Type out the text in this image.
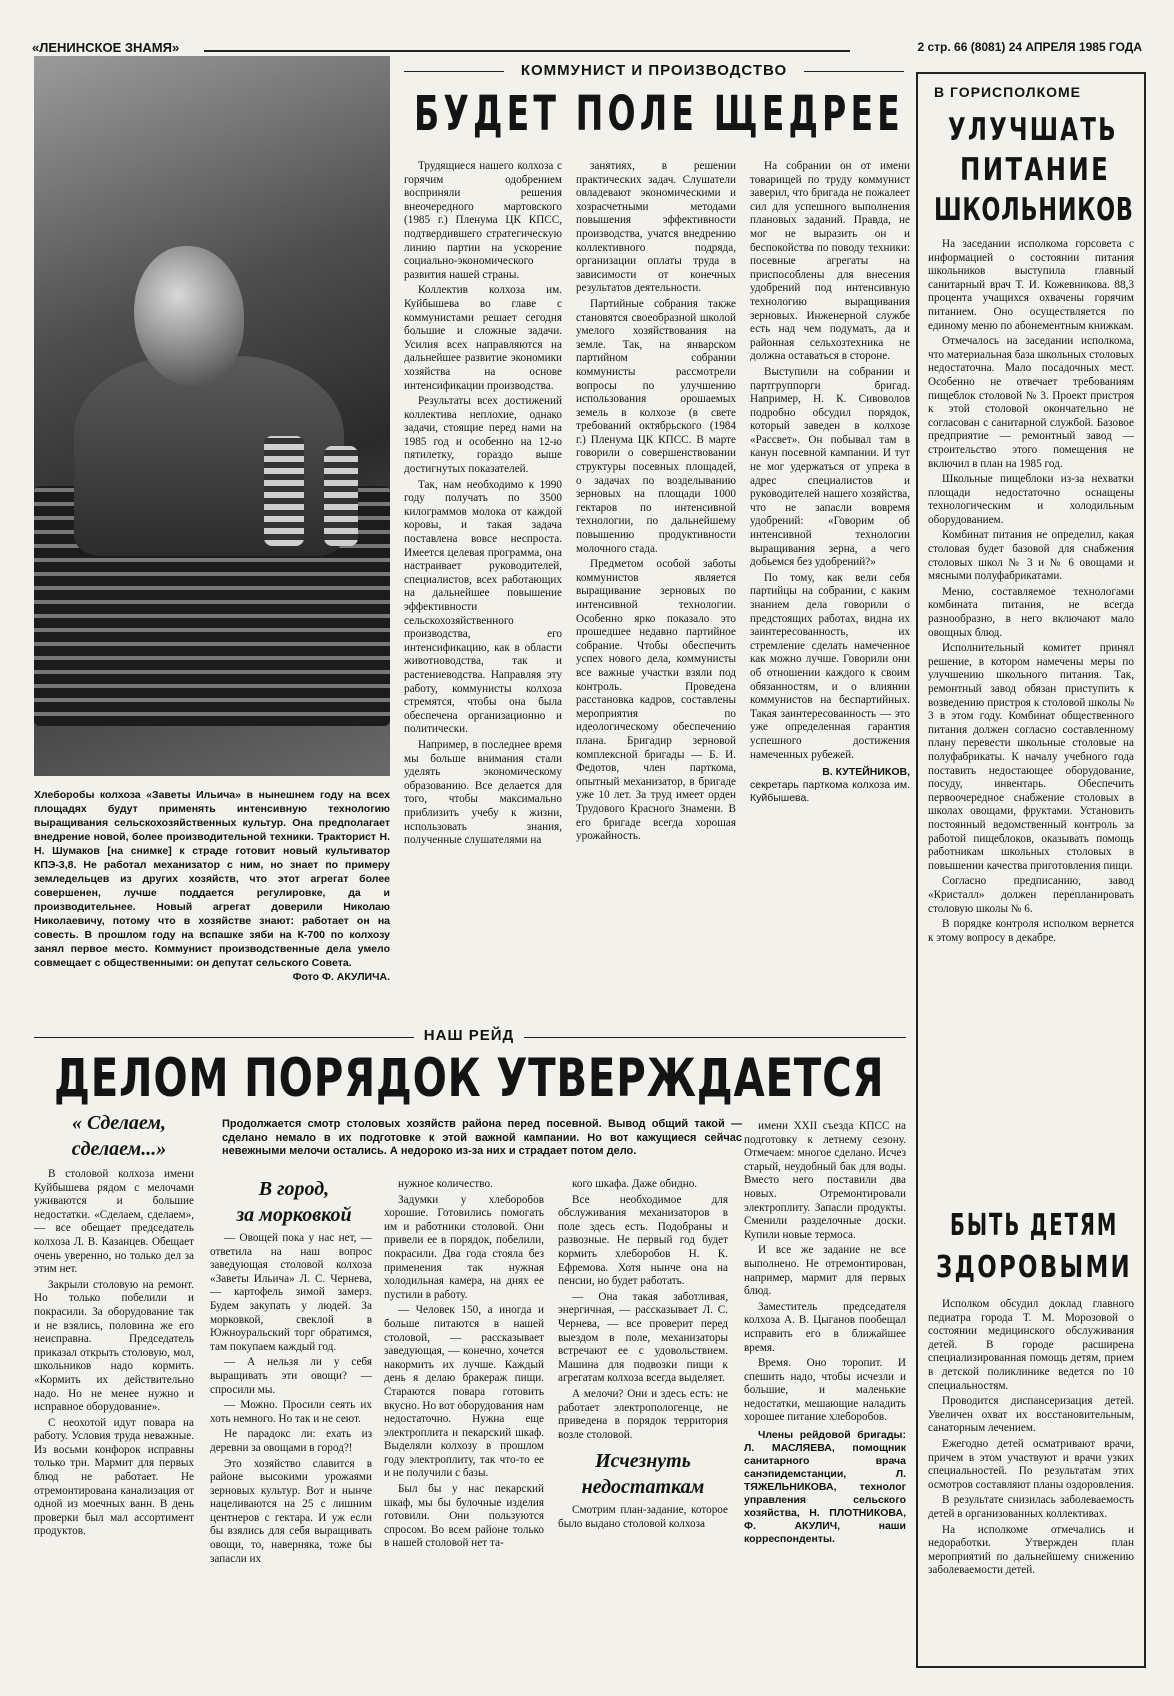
«ЛЕНИНСКОЕ ЗНАМЯ»	2 стр. 66 (8081) 24 АПРЕЛЯ 1985 ГОДА
Хлеборобы колхоза «Заветы Ильича» в нынешнем году на всех площадях будут применять интенсивную технологию выращивания сельскохозяйственных культур. Она предполагает внедрение новой, более производительной техники. Тракторист Н. Н. Шумаков [на снимке] к страде готовит новый культиватор КПЭ-3,8. Не работал механизатор с ним, но знает по примеру земледельцев из других хозяйств, что этот агрегат более совершенен, лучше поддается регулировке, да и производительнее. Новый агрегат доверили Николаю Николаевичу, потому что в хозяйстве знают: работает он на совесть. В прошлом году на вспашке зяби на К-700 по колхозу занял первое место. Коммунист производственные дела умело совмещает с общественными: он депутат сельского Совета.
Фото Ф. АКУЛИЧА.
КОММУНИСТ И ПРОИЗВОДСТВО
БУДЕТ ПОЛЕ ЩЕДРЕЕ

Трудящиеся нашего колхоза с горячим одобрением восприняли решения внеочередного мартовского (1985 г.) Пленума ЦК КПСС, подтвердившего стратегическую линию партии на ускорение социально-экономического развития нашей страны.

Коллектив колхоза им. Куйбышева во главе с коммунистами решает сегодня большие и сложные задачи. Усилия всех направляются на дальнейшее развитие экономики хозяйства на основе интенсификации производства.

Результаты всех достижений коллектива неплохие, однако задачи, стоящие перед нами на 1985 год и особенно на 12-ю пятилетку, гораздо выше достигнутых показателей.

Так, нам необходимо к 1990 году получать по 3500 килограммов молока от каждой коровы, и такая задача поставлена вовсе неспроста. Имеется целевая программа, она настраивает руководителей, специалистов, всех работающих на дальнейшее повышение эффективности сельскохозяйственного производства, его интенсификацию, как в области животноводства, так и растениеводства. Направляя эту работу, коммунисты колхоза стремятся, чтобы она была обеспечена организационно и политически.

Например, в последнее время мы больше внимания стали уделять экономическому образованию. Все делается для того, чтобы максимально приблизить учебу к жизни, использовать знания, полученные слушателями на

занятиях, в решении практических задач. Слушатели овладевают экономическими и хозрасчетными методами повышения эффективности производства, учатся внедрению коллективного подряда, организации оплаты труда в зависимости от конечных результатов деятельности.

Партийные собрания также становятся своеобразной школой умелого хозяйствования на земле. Так, на январском партийном собрании коммунисты рассмотрели вопросы по улучшению использования орошаемых земель в колхозе (в свете требований октябрьского (1984 г.) Пленума ЦК КПСС. В марте говорили о совершенствовании структуры посевных площадей, о задачах по возделыванию зерновых на площади 1000 гектаров по интенсивной технологии, по дальнейшему повышению продуктивности молочного стада.

Предметом особой заботы коммунистов является выращивание зерновых по интенсивной технологии. Особенно ярко показало это прошедшее недавно партийное собрание. Чтобы обеспечить успех нового дела, коммунисты все важные участки взяли под контроль. Проведена расстановка кадров, составлены мероприятия по идеологическому обеспечению плана. Бригадир зерновой комплексной бригады — Б. И. Федотов, член парткома, опытный механизатор, в бригаде уже 10 лет. За труд имеет орден Трудового Красного Знамени. В его бригаде всегда хорошая урожайность.

На собрании он от имени товарищей по труду коммунист заверил, что бригада не пожалеет сил для успешного выполнения плановых заданий. Правда, не мог не выразить он и беспокойства по поводу техники: посевные агрегаты на приспособлены для внесения удобрений под интенсивную технологию выращивания зерновых. Инженерной службе есть над чем подумать, да и районная сельхозтехника не должна оставаться в стороне.

Выступили на собрании и партгруппорги бригад. Например, Н. К. Сивоволов подробно обсудил порядок, который заведен в колхозе «Рассвет». Он побывал там в канун посевной кампании. И тут не мог удержаться от упрека в адрес специалистов и руководителей нашего хозяйства, что не запасли вовремя удобрений: «Говорим об интенсивной технологии выращивания зерна, а чего добьемся без удобрений?»

По тому, как вели себя партийцы на собрании, с каким знанием дела говорили о предстоящих работах, видна их заинтересованность, их стремление сделать намеченное как можно лучше. Говорили они об отношении каждого к своим обязанностям, и о влиянии коммунистов на беспартийных. Такая заинтересованность — это уже определенная гарантия успешного достижения намеченных рубежей.

В. КУТЕЙНИКОВ,
секретарь парткома колхоза им. Куйбышева.
В ГОРИСПОЛКОМЕ
УЛУЧШАТЬ
ПИТАНИЕ
ШКОЛЬНИКОВ

На заседании исполкома горсовета с информацией о состоянии питания школьников выступила главный санитарный врач Т. И. Кожевникова. 88,3 процента учащихся охвачены горячим питанием. Оно осуществляется по единому меню по абонементным книжкам.

Отмечалось на заседании исполкома, что материальная база школьных столовых недостаточна. Мало посадочных мест. Особенно не отвечает требованиям пищеблок столовой № 3. Проект пристроя к этой столовой окончательно не согласован с санитарной службой. Базовое предприятие — ремонтный завод — строительство этого помещения не включил в план на 1985 год.

Школьные пищеблоки из-за нехватки площади недостаточно оснащены технологическим и холодильным оборудованием.

Комбинат питания не определил, какая столовая будет базовой для снабжения столовых школ № 3 и № 6 овощами и мясными полуфабрикатами.

Меню, составляемое технологами комбината питания, не всегда разнообразно, в него включают мало овощных блюд.

Исполнительный комитет принял решение, в котором намечены меры по улучшению школьного питания. Так, ремонтный завод обязан приступить к возведению пристроя к столовой школы № 3 в этом году. Комбинат общественного питания должен согласно составленному плану перевести школьные столовые на полуфабрикаты. К началу учебного года поставить недостающее оборудование, посуду, инвентарь. Обеспечить первоочередное снабжение столовых в школах овощами, фруктами. Установить постоянный ведомственный контроль за работой пищеблоков, оказывать помощь работникам школьных столовых в повышении качества приготовления пищи.

Согласно предписанию, завод «Кристалл» должен перепланировать столовую школы № 6.

В порядке контроля исполком вернется к этому вопросу в декабре.

БЫТЬ ДЕТЯМ
ЗДОРОВЫМИ

Исполком обсудил доклад главного педиатра города Т. М. Морозовой о состоянии медицинского обслуживания детей. В городе расширена специализированная помощь детям, прием в детской поликлинике ведется по 10 специальностям.

Проводится диспансеризация детей. Увеличен охват их восстановительным, санаторным лечением.

Ежегодно детей осматривают врачи, причем в этом участвуют и врачи узких специальностей. По результатам этих осмотров составляют планы оздоровления.

В результате снизилась заболеваемость детей в организованных коллективах.

На исполкоме отмечались и недоработки. Утвержден план мероприятий по дальнейшему снижению заболеваемости детей.

НАШ РЕЙД
ДЕЛОМ ПОРЯДОК УТВЕРЖДАЕТСЯ
« Сделаем,
сделаем...»

В столовой колхоза имени Куйбышева рядом с мелочами уживаются и большие недостатки. «Сделаем, сделаем», — все обещает председатель колхоза Л. В. Казанцев. Обещает очень уверенно, но только дел за этим нет.

Закрыли столовую на ремонт. Но только побелили и покрасили. За оборудование так и не взялись, половина же его неисправна. Председатель приказал открыть столовую, мол, школьников надо кормить. «Кормить их действительно надо. Но не менее нужно и исправное оборудование».

С неохотой идут повара на работу. Условия труда неважные. Из восьми конфорок исправны только три. Мармит для первых блюд не работает. Не отремонтирована канализация от одной из моечных ванн. В день проверки был мал ассортимент продуктов.

Продолжается смотр столовых хозяйств района перед посевной. Вывод общий такой — сделано немало в их подготовке к этой важной кампании. Но вот кажущиеся сейчас невежными мелочи остались. А недороко из-за них и страдает потом дело.
В город,
за морковкой

— Овощей пока у нас нет, — ответила на наш вопрос заведующая столовой колхоза «Заветы Ильича» Л. С. Чернева, — картофель зимой замерз. Будем закупать у людей. За морковкой, свеклой в Южноуральский торг обратимся, там покупаем каждый год.

— А нельзя ли у себя выращивать эти овощи? — спросили мы.

— Можно. Просили сеять их хоть немного. Но так и не сеют.

Не парадокс ли: ехать из деревни за овощами в город?!

Это хозяйство славится в районе высокими урожаями зерновых культур. Вот и нынче нацеливаются на 25 с лишним центнеров с гектара. И уж если бы взялись для себя выращивать овощи, то, наверняка, тоже бы запасли их

нужное количество.

Задумки у хлеборобов хорошие. Готовились помогать им и работники столовой. Они привели ее в порядок, побелили, покрасили. Два года стояла без применения так нужная холодильная камера, на днях ее пустили в работу.

— Человек 150, а иногда и больше питаются в нашей столовой, — рассказывает заведующая, — конечно, хочется накормить их лучше. Каждый день я делаю бракераж пищи. Стараются повара готовить вкусно. Но вот оборудования нам недостаточно. Нужна еще электроплита и пекарский шкаф. Выделяли колхозу в прошлом году электроплиту, так что-то ее и не получили с базы.

Был бы у нас пекарский шкаф, мы бы булочные изделия готовили. Они пользуются спросом. Во всем районе только в нашей столовой нет та-

кого шкафа. Даже обидно.

Все необходимое для обслуживания механизаторов в поле здесь есть. Подобраны и развозные. Не первый год будет кормить хлеборобов Н. К. Ефремова. Хотя нынче она на пенсии, но будет работать.

— Она такая заботливая, энергичная, — рассказывает Л. С. Чернева, — все проверит перед выездом в поле, механизаторы встречают ее с удовольствием. Машина для подвозки пищи к агрегатам колхоза всегда выделяет.

А мелочи? Они и здесь есть: не работает электропологенце, не приведена в порядок территория возле столовой.

Исчезнуть
недостаткам

Смотрим план-задание, которое было выдано столовой колхоза

имени XXII съезда КПСС на подготовку к летнему сезону. Отмечаем: многое сделано. Исчез старый, неудобный бак для воды. Вместо него поставили два новых. Отремонтировали электроплиту. Запасли продукты. Сменили разделочные доски. Купили новые термоса.

И все же задание не все выполнено. Не отремонтирован, например, мармит для первых блюд.

Заместитель председателя колхоза А. В. Цыганов пообещал исправить его в ближайшее время.

Время. Оно торопит. И спешить надо, чтобы исчезли и большие, и маленькие недостатки, мешающие наладить хорошее питание хлеборобов.

Члены рейдовой бригады: Л. МАСЛЯЕВА, помощник санитарного врача санэпидемстанции, Л. ТЯЖЕЛЬНИКОВА, технолог управления сельского хозяйства, Н. ПЛОТНИКОВА, Ф. АКУЛИЧ, наши корреспонденты.
